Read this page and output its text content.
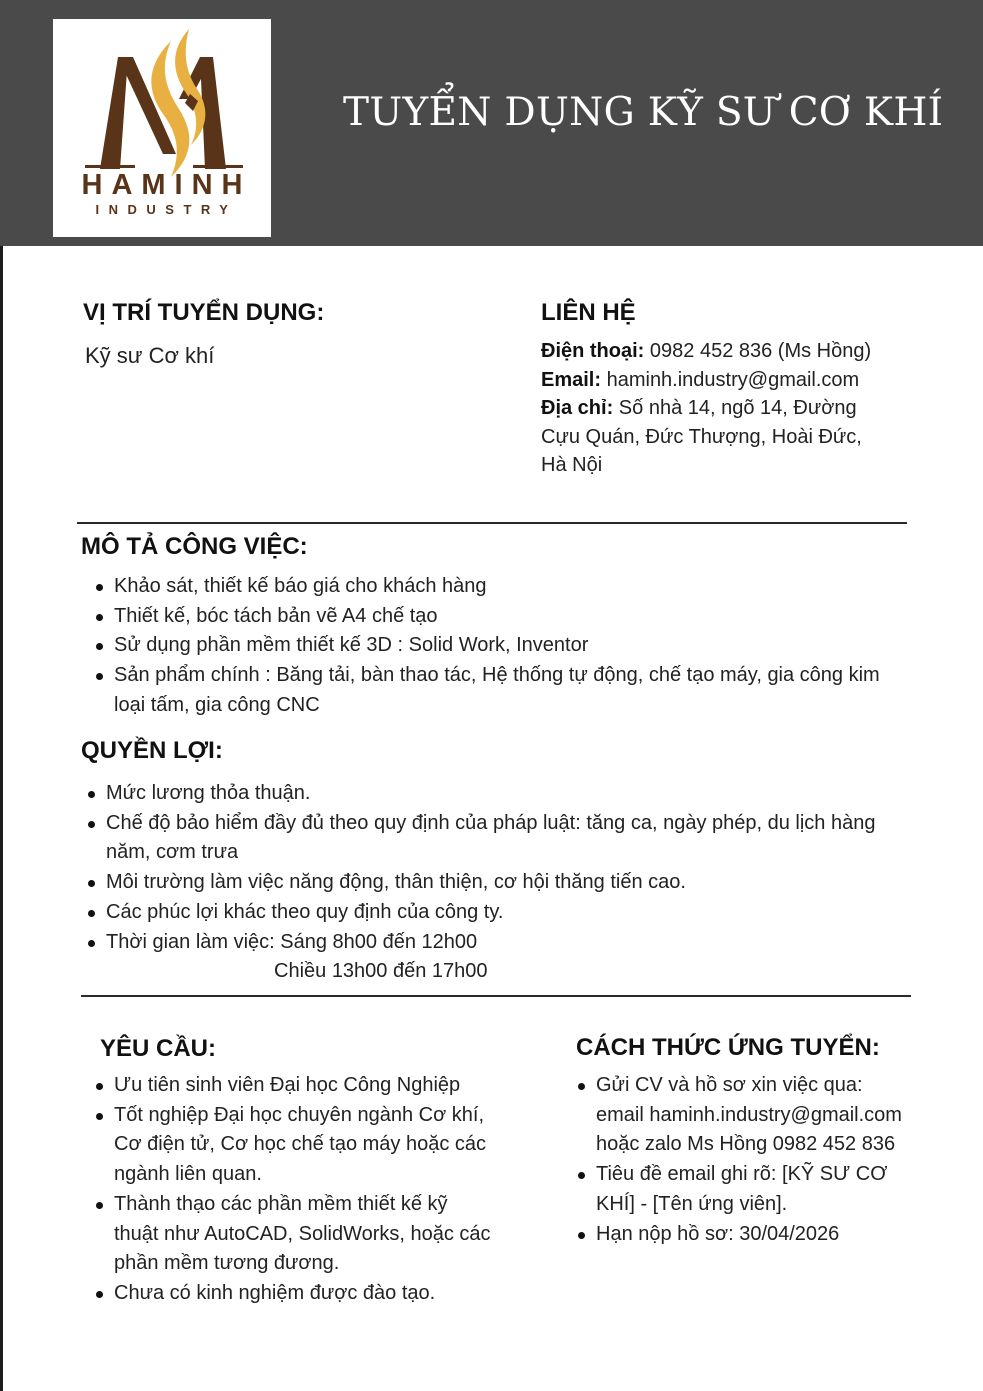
HAMINH
INDUSTRY
TUYỂN DỤNG KỸ SƯ CƠ KHÍ
VỊ TRÍ TUYỂN DỤNG:
Kỹ sư Cơ khí
LIÊN HỆ
Điện thoại: 0982 452 836 (Ms Hồng)
Email: haminh.industry@gmail.com
Địa chỉ: Số nhà 14, ngõ 14, Đường Cựu Quán, Đức Thượng, Hoài Đức, Hà Nội
MÔ TẢ CÔNG VIỆC:
Khảo sát, thiết kế báo giá cho khách hàng
Thiết kế, bóc tách bản vẽ A4 chế tạo
Sử dụng phần mềm thiết kế 3D : Solid Work, Inventor
Sản phẩm chính : Băng tải, bàn thao tác, Hệ thống tự động, chế tạo máy, gia công kim loại tấm, gia công CNC
QUYỀN LỢI:
Mức lương thỏa thuận.
Chế độ bảo hiểm đầy đủ theo quy định của pháp luật: tăng ca, ngày phép, du lịch hàng năm, cơm trưa
Môi trường làm việc năng động, thân thiện, cơ hội thăng tiến cao.
Các phúc lợi khác theo quy định của công ty.
Thời gian làm việc: Sáng 8h00 đến 12h00
Chiều 13h00 đến 17h00
YÊU CẦU:
Ưu tiên sinh viên Đại học Công Nghiệp
Tốt nghiệp Đại học chuyên ngành Cơ khí, Cơ điện tử, Cơ học chế tạo máy hoặc các ngành liên quan.
Thành thạo các phần mềm thiết kế kỹ thuật như AutoCAD, SolidWorks, hoặc các phần mềm tương đương.
Chưa có kinh nghiệm được đào tạo.
CÁCH THỨC ỨNG TUYỂN:
Gửi CV và hồ sơ xin việc qua: email haminh.industry@gmail.com hoặc zalo Ms Hồng 0982 452 836
Tiêu đề email ghi rõ: [KỸ SƯ CƠ KHÍ] - [Tên ứng viên].
Hạn nộp hồ sơ: 30/04/2026
